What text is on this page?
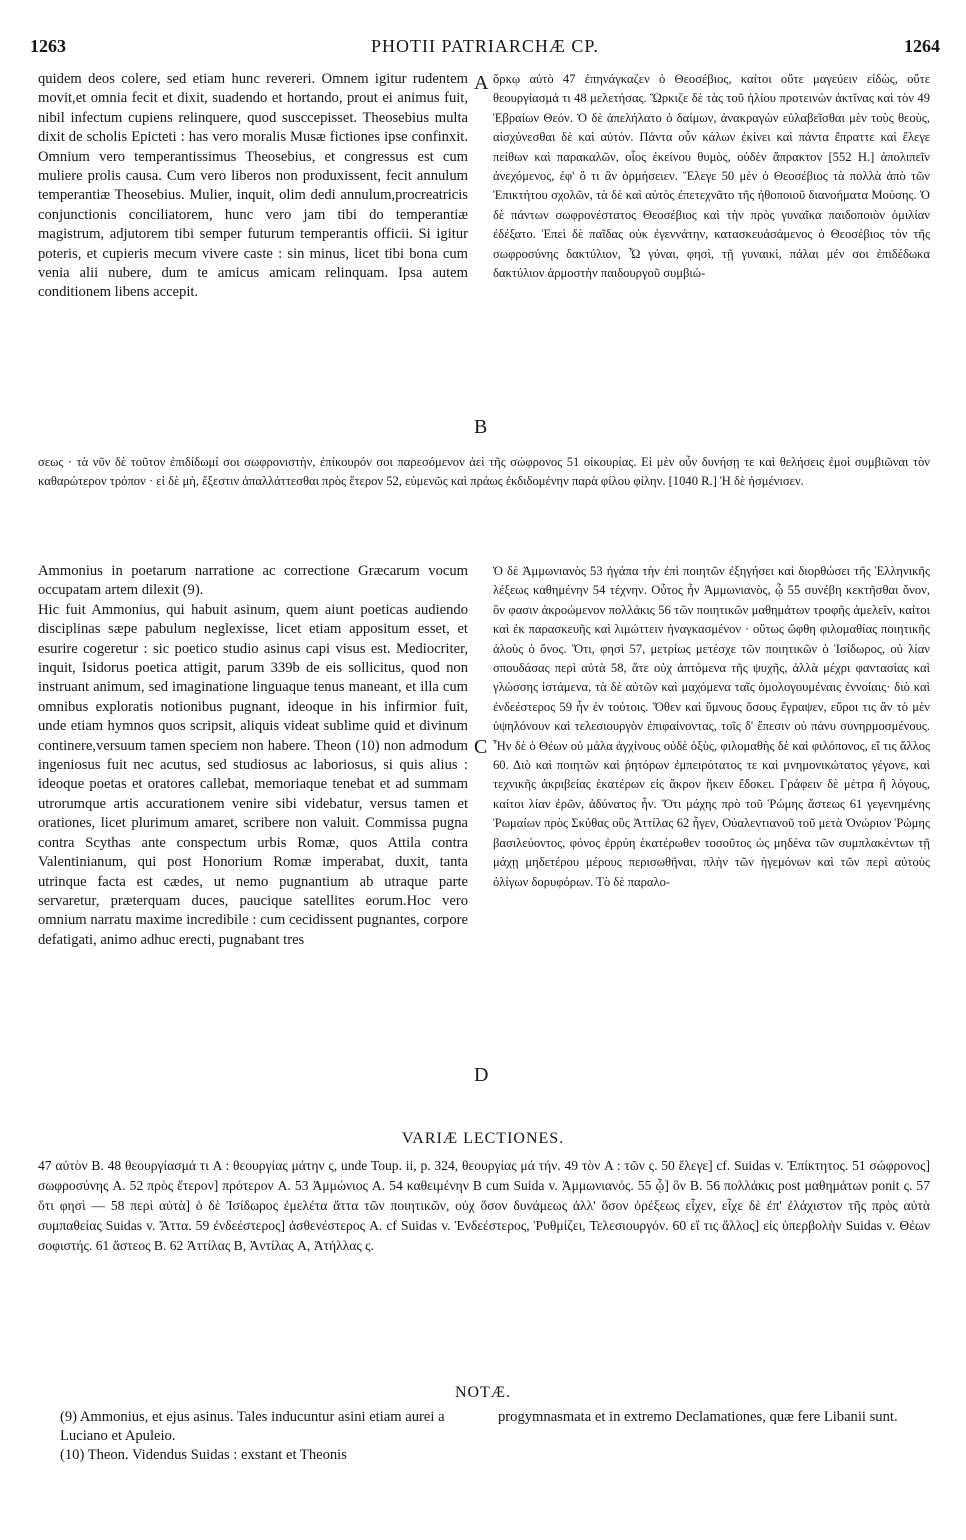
1263	PHOTII PATRIARCHÆ CP.	1264

quidem deos colere, sed etiam hunc revereri. Omnem igitur rudentem movit,et omnia fecit et dixit, suadendo et hortando, prout ei animus fuit, nibil infectum cupiens relinquere, quod susccepisset. Theosebius multa dixit de scholis Epicteti : has vero moralis Musæ fictiones ipse confinxit. Omnium vero temperantissimus Theosebius, et congressus est cum muliere prolis causa. Cum vero liberos non produxissent, fecit annulum temperantiæ Theosebius. Mulier, inquit, olim dedi annulum,procreatricis conjunctionis conciliatorem, hunc vero jam tibi do temperantiæ magistrum, adjutorem tibi semper futurum temperantis officii. Si igitur poteris, et cupieris mecum vivere caste : sin minus, licet tibi bona cum venia alii nubere, dum te amicus amicam relinquam. Ipsa autem conditionem libens accepit.

A ὅρκῳ αὐτὸ 47 ἐπηνάγκαζεν ὁ Θεοσέβιος, καίτοι οὔτε μαγεύειν εἰδὼς, οὔτε θεουργίασμά τι 48 μελετήσας. Ὥρκιζε δὲ τὰς τοῦ ἡλίου προτεινὼν ἀκτῖνας καὶ τὸν 49 Ἑβραίων Θεόν. Ὁ δὲ ἀπελήλατο ὁ δαίμων, ἀνακραγὼν εὐλαβεῖσθαι μὲν τοὺς θεοὺς, αἰσχύνεσθαι δὲ καὶ αὐτόν. Πάντα οὖν κάλων ἐκίνει καὶ πάντα ἔπραττε καὶ ἔλεγε πείθων καὶ παρακαλῶν, οἷος ἐκείνου θυμὸς, οὐδὲν ἄπρακτον [552 H.] ἀπολιπεῖν ἀνεχόμενος, ἐφ' ὅ τι ἂν ὁρμήσειεν. Ἔλεγε 50 μὲν ὁ Θεοσέβιος τὰ πολλὰ ἀπὸ τῶν Ἐπικτήτου σχολῶν, τὰ δὲ καὶ αὐτὸς ἐπετεχνᾶτο τῆς ἠθοποιοῦ διανοήματα Μούσης. Ὁ δὲ πάντων σωφρονέστατος Θεοσέβιος καὶ τὴν πρὸς γυναῖκα παιδοποιὸν ὁμιλίαν ἐδέξατο. Ἐπεὶ δὲ παῖδας οὐκ ἐγεννάτην, κατασκευάσάμενος ὁ Θεοσέβιος τὸν τῆς σωφροσύνης δακτύλιον, Ὦ γύναι, φησὶ, τῇ γυναικὶ, πάλαι μέν σοι ἐπιδέδωκα δακτύλιον ἁρμοστὴν παιδουργοῦ συμβιώ-

B

σεως · τὰ νῦν δὲ τοῦτον ἐπιδίδωμί σοι σωφρονιστὴν, ἐπίκουρόν σοι παρεσόμενον ἀεὶ τῆς σώφρονος 51 οἰκουρίας. Εἰ μὲν οὖν δυνήσῃ τε καὶ θελήσεις ἐμοὶ συμβιῶναι τὸν καθαρώτερον τρόπον · εἰ δὲ μὴ, ἔξεστιν ἀπαλλάττεσθαι πρὸς ἕτερον 52, εὐμενῶς καὶ πράως ἐκδιδομένην παρὰ φίλου φίλην. [1040 R.] Ἡ δὲ ἠσμένισεν.

Ammonius in poetarum narratione ac correctione Græcarum vocum occupatam artem dilexit (9).

Hic fuit Ammonius, qui habuit asinum, quem aiunt poeticas audiendo disciplinas sæpe pabulum neglexisse, licet etiam appositum esset, et esurire cogeretur : sic poetico studio asinus capi visus est. Mediocriter, inquit, Isidorus poetica attigit, parum 339b de eis sollicitus, quod non instruant animum, sed imaginatione linguaque tenus maneant, et illa cum omnibus exploratis notionibus pugnant, ideoque in his infirmior fuit, unde etiam hymnos quos scripsit, aliquis videat sublime quid et divinum continere,versuum tamen speciem non habere. Theon (10) non admodum ingeniosus fuit nec acutus, sed studiosus ac laboriosus, si quis alius : ideoque poetas et oratores callebat, memoriaque tenebat et ad summam utrorumque artis accurationem venire sibi videbatur, versus tamen et orationes, licet plurimum amaret, scribere non valuit. Commissa pugna contra Scythas ante conspectum urbis Romæ, quos Attila contra Valentinianum, qui post Honorium Romæ imperabat, duxit, tanta utrinque facta est cædes, ut nemo pugnantium ab utraque parte servaretur, præterquam duces, paucique satellites eorum.Hoc vero omnium narratu maxime incredibile : cum cecidissent pugnantes, corpore defatigati, animo adhuc erecti, pugnabant tres

C
D

Ὁ δὲ Ἀμμωνιανὸς 53 ἠγάπα τὴν ἐπὶ ποιητῶν ἐξηγήσει καὶ διορθώσει τῆς Ἑλληνικῆς λέξεως καθημένην 54 τέχνην. Οὗτος ἦν Ἀμμωνιανὸς, ᾧ 55 συνέβη κεκτῆσθαι ὄνον, ὃν φασιν ἀκροώμενον πολλάκις 56 τῶν ποιητικῶν μαθημάτων τροφῆς ἀμελεῖν, καίτοι καὶ ἐκ παρασκευῆς καὶ λιμώττειν ἠναγκασμένον · οὕτως ὤφθη φιλομαθίας ποιητικῆς ἁλοὺς ὁ ὄνος. Ὅτι, φησὶ 57, μετρίως μετέσχε τῶν ποιητικῶν ὁ Ἰσίδωρος, οὐ λίαν σπουδάσας περὶ αὐτὰ 58, ἅτε οὐχ ἁπτόμενα τῆς ψυχῆς, ἀλλὰ μέχρι φαντασίας καὶ γλώσσης ἱστάμενα, τὰ δὲ αὐτῶν καὶ μαχόμενα ταῖς ὁμολογουμέναις ἐννοίαις· διὸ καὶ ἐνδεέστερος 59 ἦν ἐν τούτοις. Ὅθεν καὶ ὕμνους ὅσους ἔγραψεν, εὕροι τις ἂν τὸ μὲν ὑψηλόνουν καὶ τελεσιουργὸν ἐπιφαίνοντας, τοῖς δ' ἔπεσιν οὐ πάνυ συνηρμοσμένους. Ἦν δὲ ὁ Θέων οὐ μάλα ἀγχίνους οὐδὲ ὀξὺς, φιλομαθὴς δὲ καὶ φιλόπονος, εἴ τις ἄλλος 60. Διὸ καὶ ποιητῶν καὶ ῥητόρων ἐμπειρότατος τε καὶ μνημονικώτατος γέγονε, καὶ τεχνικῆς ἀκριβείας ἑκατέρων εἰς ἄκρον ἥκειν ἔδοκει. Γράφειν δὲ μέτρα ἢ λόγους, καίτοι λίαν ἐρῶν, ἀδύνατος ἦν. Ὅτι μάχης πρὸ τοῦ Ῥώμης ἄστεως 61 γεγενημένης Ῥωμαίων πρὸς Σκύθας οὓς Ἀττίλας 62 ἦγεν, Οὐαλεντιανοῦ τοῦ μετὰ Ὀνώριον Ῥώμης βασιλεύοντος, φόνος ἐρρύη ἑκατέρωθεν τοσοῦτος ὡς μηδένα τῶν συμπλακέντων τῇ μάχῃ μηδετέρου μέρους περισωθῆναι, πλὴν τῶν ἡγεμόνων καὶ τῶν περὶ αὐτοὺς ὀλίγων δορυφόρων. Τὸ δὲ παραλο-

VARIÆ LECTIONES.

47 αὐτὸν B. 48 θεουργίασμά τι A : θεουργίας μάτην ς, unde Toup. ii, p. 324, θεουργίας μά τήν. 49 τὸν A : τῶν ς. 50 ἔλεγε] cf. Suidas v. Ἐπίκτητος. 51 σώφρονος] σωφροσύνης A. 52 πρὸς ἕτερον] πρότερον A. 53 Ἀμμώνιος A. 54 καθειμένην B cum Suida v. Ἀμμωνιανός. 55 ᾧ] ὃν B. 56 πολλάκις post μαθημάτων ponit ς. 57 ὅτι φησὶ — 58 περὶ αὐτὰ] ὁ δὲ Ἰσίδωρος ἐμελέτα ἄττα τῶν ποιητικῶν, οὐχ ὅσον δυνάμεως ἀλλ' ὅσον ὀρέξεως εἶχεν, εἶχε δὲ ἐπ' ἐλάχιστον τῆς πρὸς αὐτὰ συμπαθείας Suidas v. Ἄττα. 59 ἐνδεέστερος] ἀσθενέστερος A. cf Suidas v. Ἐνδεέστερος, Ῥυθμίζει, Τελεσιουργόν. 60 εἴ τις ἄλλος] εἰς ὑπερβολὴν Suidas v. Θέων σοφιστής. 61 ἄστεος B. 62 Ἀττίλας B, Ἀντίλας A, Ἀτήλλας ς.

NOTÆ.

(9) Ammonius, et ejus asinus. Tales inducuntur asini etiam aurei a Luciano et Apuleio.

(10) Theon. Videndus Suidas : exstant et Theonis

progymnasmata et in extremo Declamationes, quæ fere Libanii sunt.
